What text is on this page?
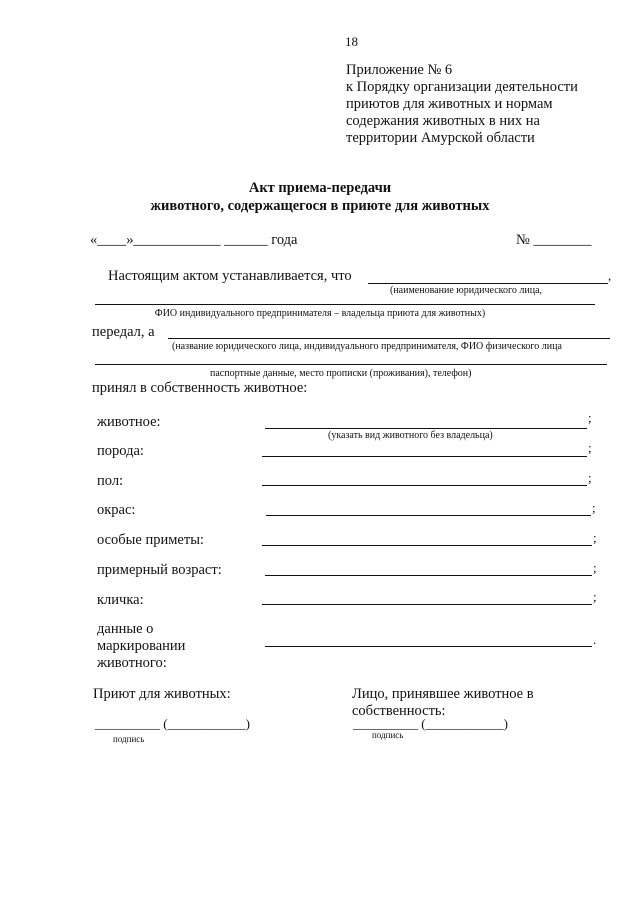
18
Приложение № 6
к Порядку организации деятельности
приютов для животных и нормам
содержания животных в них на
территории Амурской области
Акт приема-передачи
животного, содержащегося в приюте для животных
«____»____________ ______ года	№ ________
Настоящим актом устанавливается, что	,
(наименование юридического лица,
ФИО индивидуального предпринимателя – владельца приюта для животных)
передал, а
(название юридического лица, индивидуального предпринимателя, ФИО физического лица
паспортные данные, место прописки (проживания), телефон)
принял в собственность животное:
животное:	;
(указать вид животного без владельца)
порода:	;
пол:	;
окрас:	;
особые приметы:	;
примерный возраст:	;
кличка:	;
данные о
маркировании
животного:
.
Приют для животных:	Лицо, принявшее животное в
собственность:
__________ (____________)
подпись
__________ (____________)
подпись
